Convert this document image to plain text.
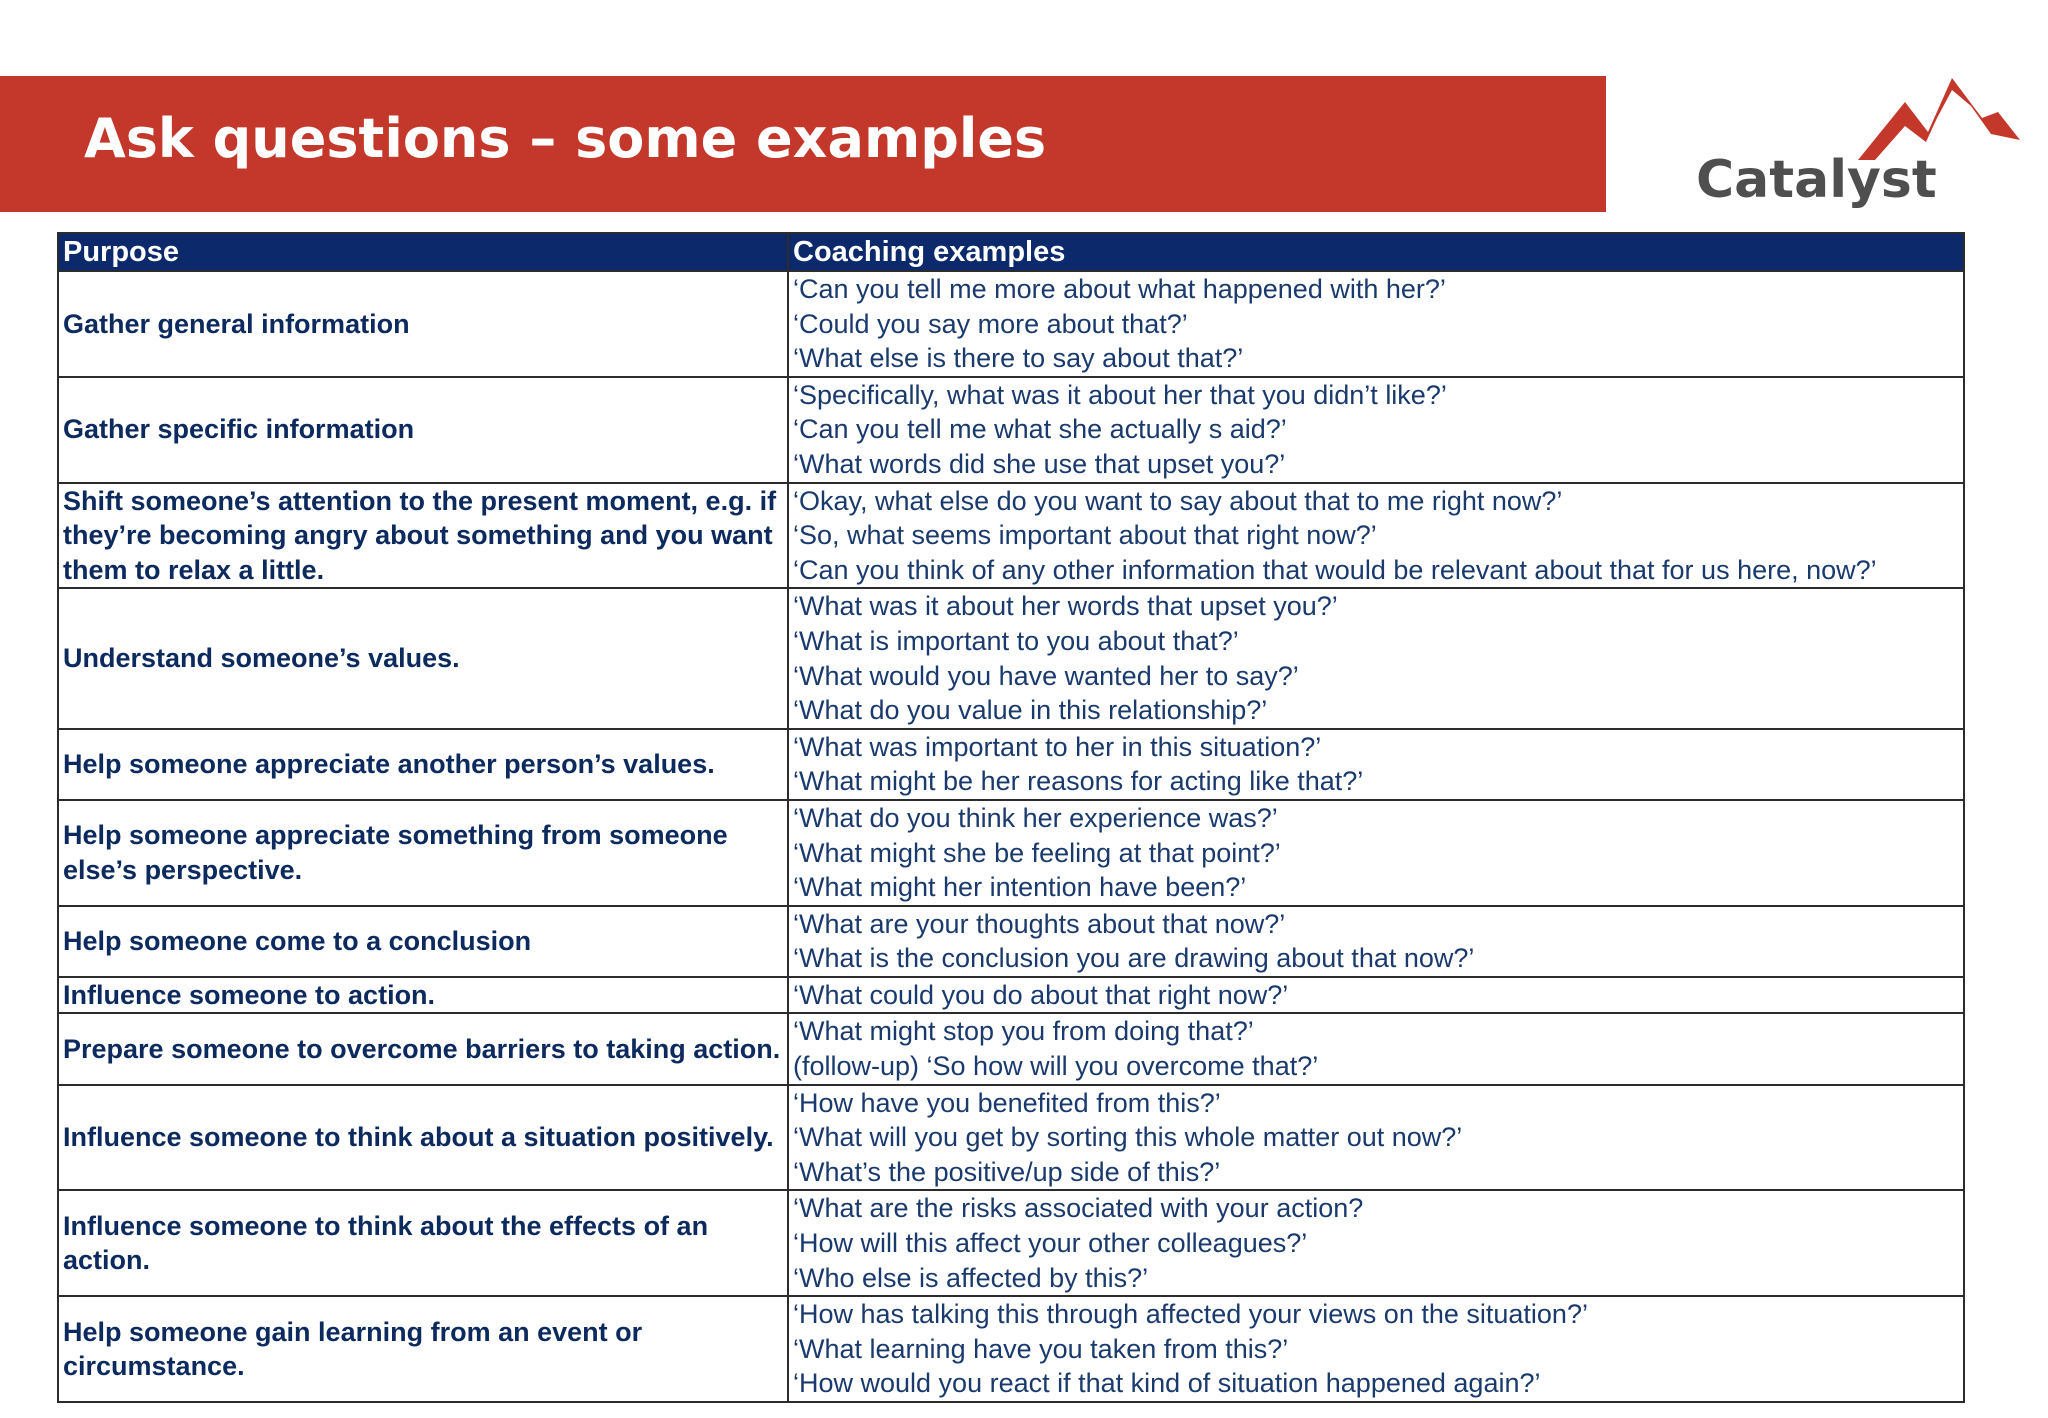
Ask questions – some examples
Catalyst
Purpose	Coaching examples
Gather general information	‘Can you tell me more about what happened with her?’
‘Could you say more about that?’
‘What else is there to say about that?’

Gather specific information	‘Specifically, what was it about her that you didn’t like?’
‘Can you tell me what she actually s aid?’
‘What words did she use that upset you?’

Shift someone’s attention to the present moment, e.g. if they’re becoming angry about something and you want them to relax a little.	‘Okay, what else do you want to say about that to me right now?’
‘So, what seems important about that right now?’
‘Can you think of any other information that would be relevant about that for us here, now?’

Understand someone’s values.	‘What was it about her words that upset you?’
‘What is important to you about that?’
‘What would you have wanted her to say?’
‘What do you value in this relationship?’

Help someone appreciate another person’s values.	‘What was important to her in this situation?’
‘What might be her reasons for acting like that?’

Help someone appreciate something from someone else’s perspective.	‘What do you think her experience was?’
‘What might she be feeling at that point?’
‘What might her intention have been?’

Help someone come to a conclusion	‘What are your thoughts about that now?’
‘What is the conclusion you are drawing about that now?’

Influence someone to action.	‘What could you do about that right now?’

Prepare someone to overcome barriers to taking action.	‘What might stop you from doing that?’
(follow-up) ‘So how will you overcome that?’

Influence someone to think about a situation positively.	‘How have you benefited from this?’
‘What will you get by sorting this whole matter out now?’
‘What’s the positive/up side of this?’

Influence someone to think about the effects of an action.	‘What are the risks associated with your action?
‘How will this affect your other colleagues?’
‘Who else is affected by this?’

Help someone gain learning from an event or circumstance.	‘How has talking this through affected your views on the situation?’
‘What learning have you taken from this?’
‘How would you react if that kind of situation happened again?’
